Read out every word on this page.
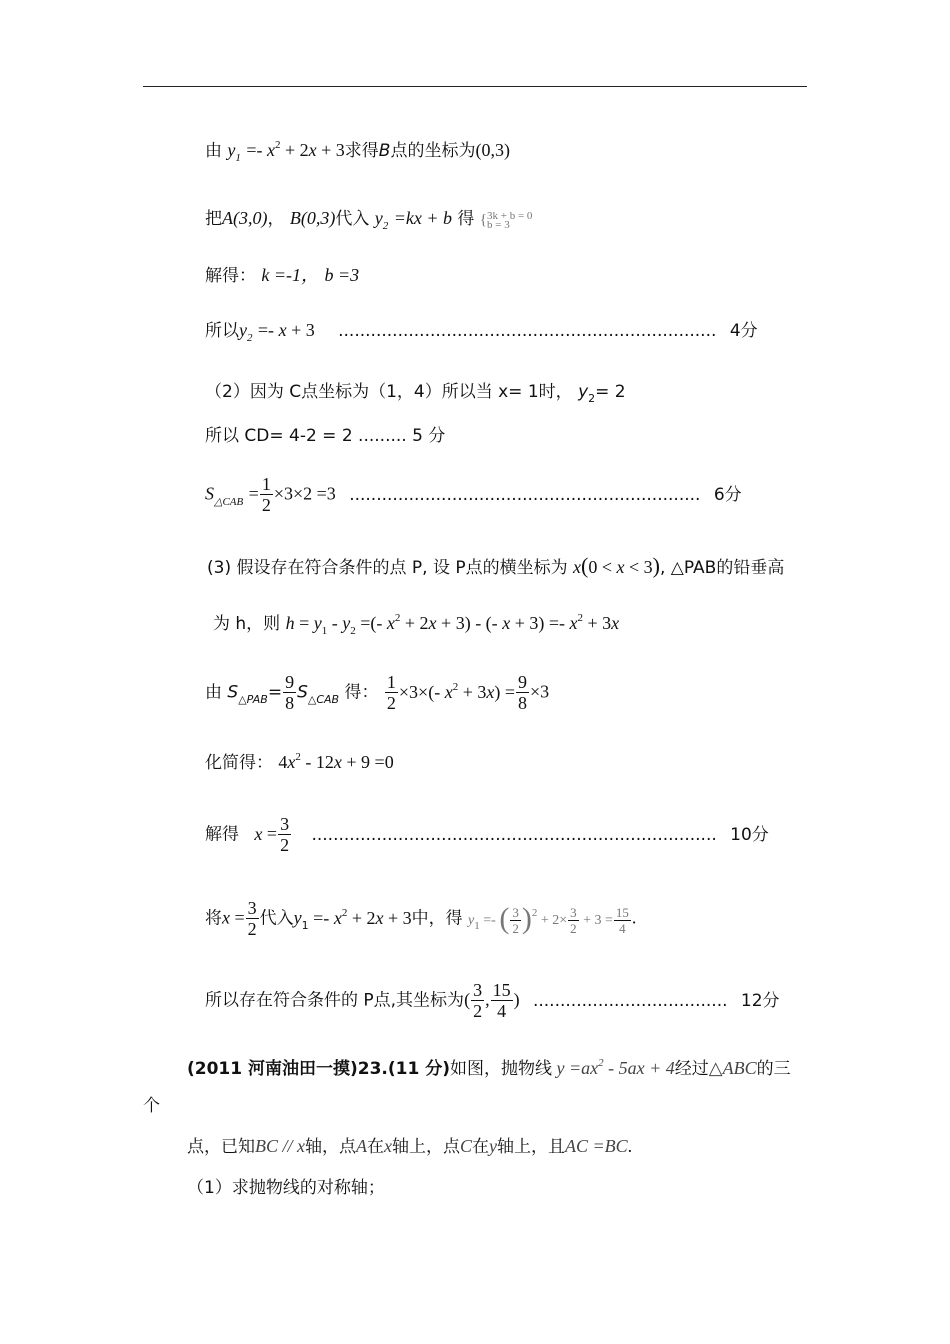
由 $y_1 =- x^2 + 2x + 3$求得B点的坐标为(0,3)
把A(3,0)， B(0,3)代入 $y_2 =kx + b$ 得 {3k + b = 0
b = 3
解得： k =-1， b =3
所以$y_2 =- x + 3$ ...................................................................... 4分
（2）因为 C点坐标为（1，4）所以当 x= 1时， $y_2= 2$
所以 CD= 4-2 = 2 ......... 5 分
$S_{\triangle CAB} = \frac{1}{2} \times 3\times 2 =3$ ................................................................. 6分
(3) 假设存在符合条件的点 P, 设 P点的横坐标为 x(0 < x < 3), △PAB的铅垂高
为 h，则 $h = y_1 - y_2$ =(- $x^2 + 2x + 3$) - (- $x + 3) =- x^2 + 3x$
由 $S_{\triangle PAB}= \frac{9}{8} S_{\triangle CAB}$ 得： $\frac{1}{2} \times 3\times(-$ $x^2 + 3x) = \frac{9}{8} \times 3$
化简得： $4x^2 - 12x + 9 =0$
解得 $x = \frac{3}{2}$ ........................................................................... 10分
将$x = \frac{3}{2}$ 代入$y_1 =- x^2 + 2x + 3$中，得 $y_1$ =- ( $\frac{3}{2} )^2 + 2\times \frac{3}{2} + 3 = \frac{15}{4}$ .
所以存在符合条件的 P点,其坐标为( $\frac{3}{2}$ , $\frac{15}{4}$ ) .................................... 12分
(2011 河南油田一摸)23.(11 分)如图，抛物线 $y =ax^2 - 5ax + 4$经过△ABC的三
个
点，已知BC // x轴，点A在x轴上，点C在y轴上，且AC =BC.
（1）求抛物线的对称轴；
